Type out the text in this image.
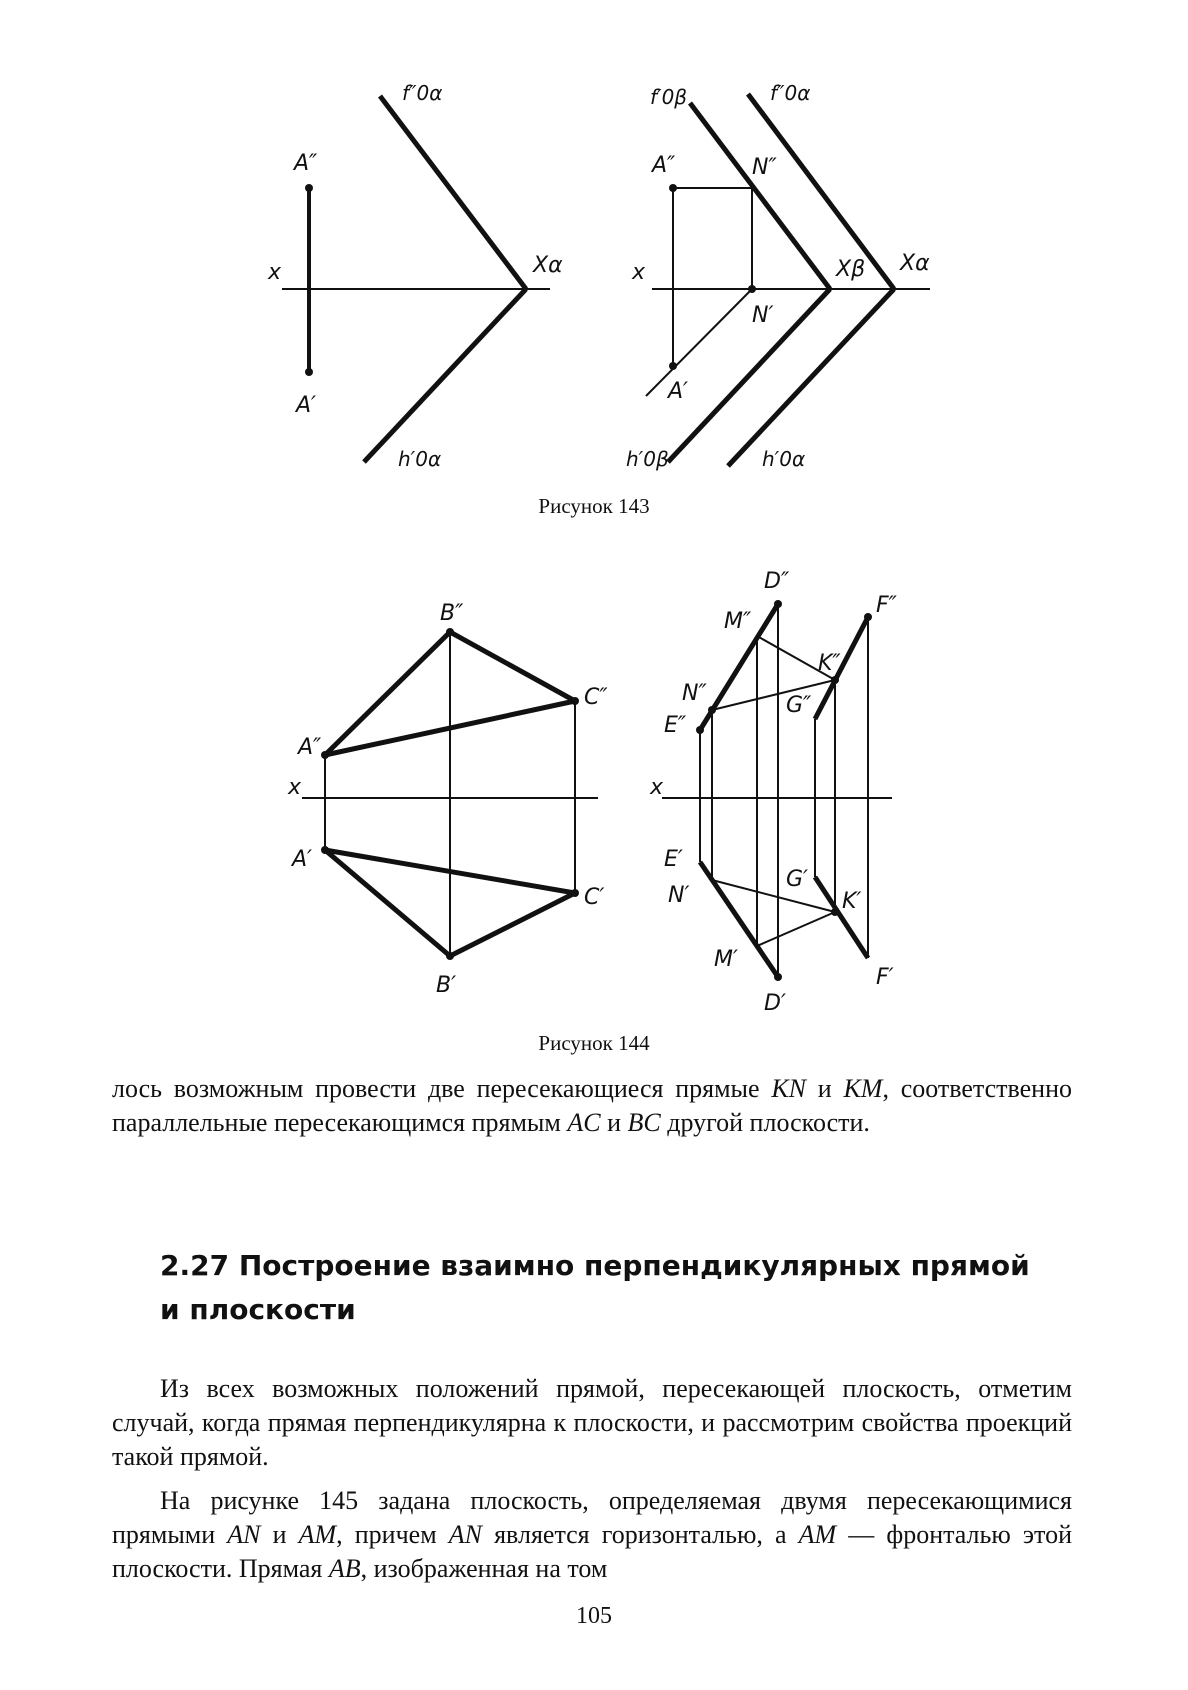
f″0α
A″
x	Xα
A′
h′0α
f′0β	f″0α
A″	N″
x	Xβ Xα
N′
A′
h′0β	h′0α
Рисунок 143
B″
C″
A″
x
A′
C′
B′
D″
F″
M″
K″
N″	G″
E″
x
E′
G′
N′	K′
M′
F′
D′
Рисунок 144
лось возможным провести две пересекающиеся прямые KN и KM, соответственно параллельные пересекающимся прямым AC и BC другой плоскости.
2.27 Построение взаимно перпендикулярных прямой
и плоскости
Из всех возможных положений прямой, пересекающей плоскость, отметим случай, когда прямая перпендикулярна к плоскости, и рассмотрим свойства проекций такой прямой.
На рисунке 145 задана плоскость, определяемая двумя пересекающимися прямыми AN и AM, причем AN является горизонталью, а AM — фронталью этой плоскости. Прямая AB, изображенная на том
105
